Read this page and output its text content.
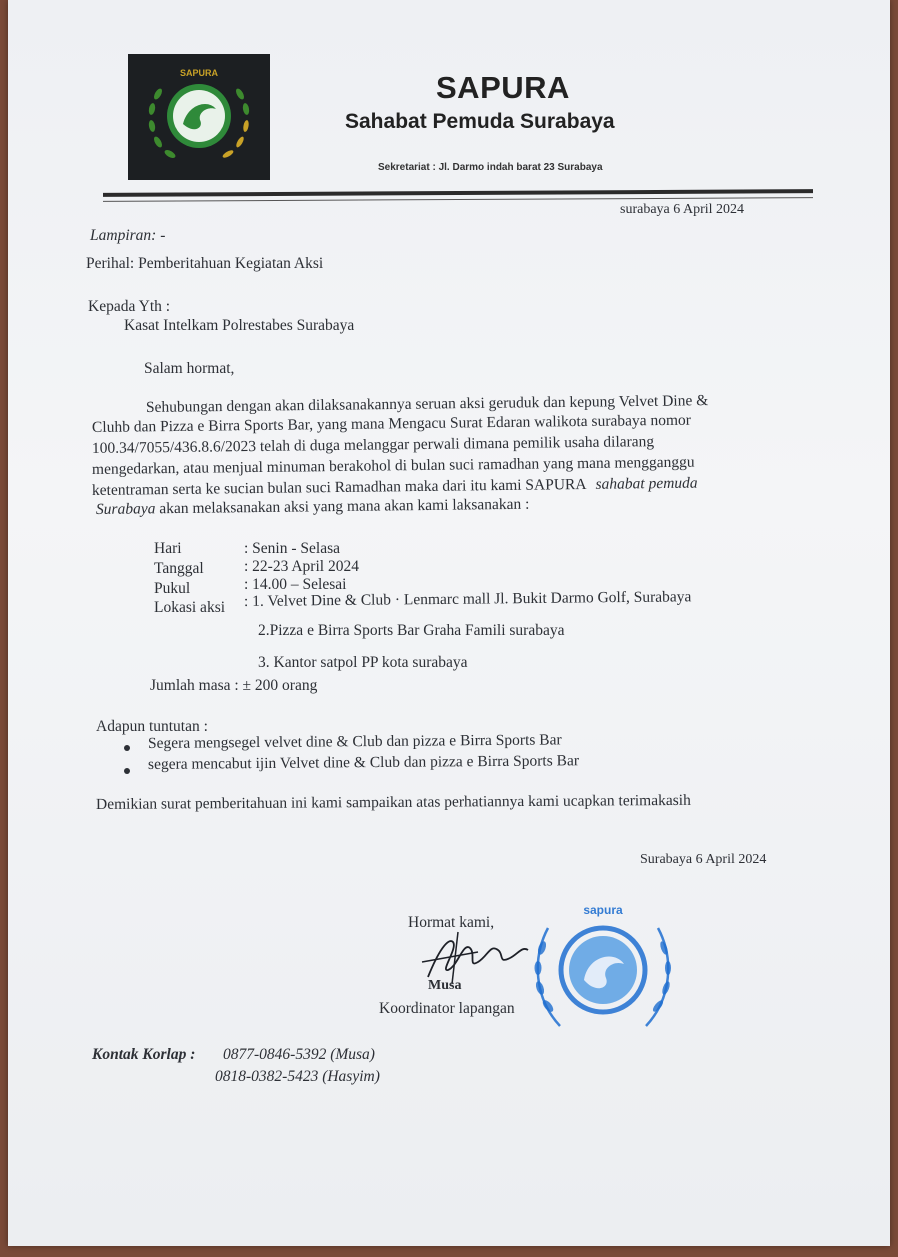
SAPURA	SAPURA
Sahabat Pemuda Surabaya
Sekretariat : Jl. Darmo indah barat 23 Surabaya
surabaya 6 April 2024
Lampiran: -
Perihal: Pemberitahuan Kegiatan Aksi
Kepada Yth :
Kasat Intelkam Polrestabes Surabaya
Salam hormat,
Sehubungan dengan akan dilaksanakannya seruan aksi geruduk dan kepung Velvet Dine &
Cluhb dan Pizza e Birra Sports Bar, yang mana Mengacu Surat Edaran walikota surabaya nomor
100.34/7055/436.8.6/2023 telah di duga melanggar perwali dimana pemilik usaha dilarang
mengedarkan, atau menjual minuman berakohol di bulan suci ramadhan yang mana mengganggu
ketentraman serta ke sucian bulan suci Ramadhan maka dari itu kami SAPURA sahabat pemuda
Surabaya akan melaksanakan aksi yang mana akan kami laksanakan :
Hari	: Senin - Selasa
Tanggal	: 22-23 April 2024
Pukul	: 14.00 – Selesai
Lokasi aksi : 1. Velvet Dine & Club · Lenmarc mall Jl. Bukit Darmo Golf, Surabaya
2.Pizza e Birra Sports Bar Graha Famili surabaya
3. Kantor satpol PP kota surabaya
Jumlah masa : ± 200 orang
Adapun tuntutan :
Segera mengsegel velvet dine & Club dan pizza e Birra Sports Bar
segera mencabut ijin Velvet dine & Club dan pizza e Birra Sports Bar
Demikian surat pemberitahuan ini kami sampaikan atas perhatiannya kami ucapkan terimakasih
Surabaya 6 April 2024
sapura
Hormat kami,
Musa
Koordinator lapangan
Kontak Korlap : 0877-0846-5392 (Musa)
0818-0382-5423 (Hasyim)
